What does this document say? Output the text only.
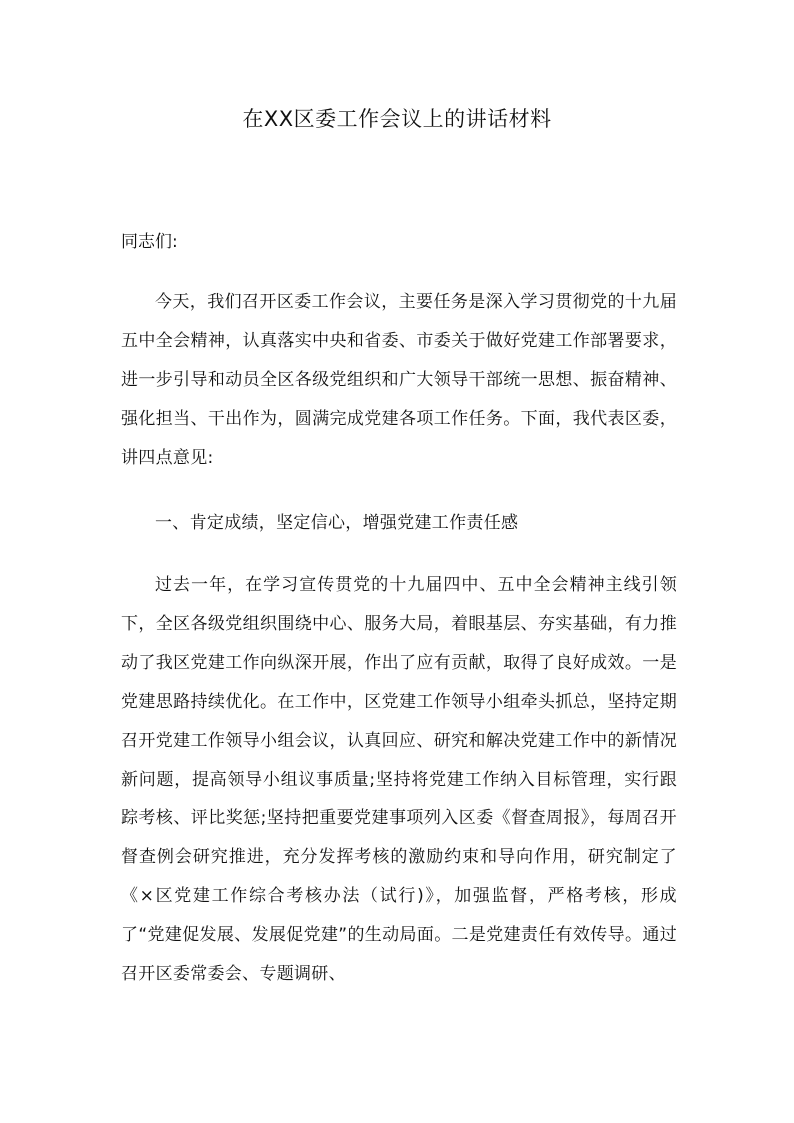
在XX区委工作会议上的讲话材料
同志们:

今天，我们召开区委工作会议，主要任务是深入学习贯彻党的十九届五中全会精神，认真落实中央和省委、市委关于做好党建工作部署要求，进一步引导和动员全区各级党组织和广大领导干部统一思想、振奋精神、强化担当、干出作为，圆满完成党建各项工作任务。下面，我代表区委，讲四点意见:

一、肯定成绩，坚定信心，增强党建工作责任感

过去一年，在学习宣传贯党的十九届四中、五中全会精神主线引领下，全区各级党组织围绕中心、服务大局，着眼基层、夯实基础，有力推动了我区党建工作向纵深开展，作出了应有贡献，取得了良好成效。一是党建思路持续优化。在工作中，区党建工作领导小组牵头抓总，坚持定期召开党建工作领导小组会议，认真回应、研究和解决党建工作中的新情况新问题，提高领导小组议事质量;坚持将党建工作纳入目标管理，实行跟踪考核、评比奖惩;坚持把重要党建事项列入区委《督查周报》，每周召开督查例会研究推进，充分发挥考核的激励约束和导向作用，研究制定了《×区党建工作综合考核办法（试行)》，加强监督，严格考核，形成了“党建促发展、发展促党建”的生动局面。二是党建责任有效传导。通过召开区委常委会、专题调研、
